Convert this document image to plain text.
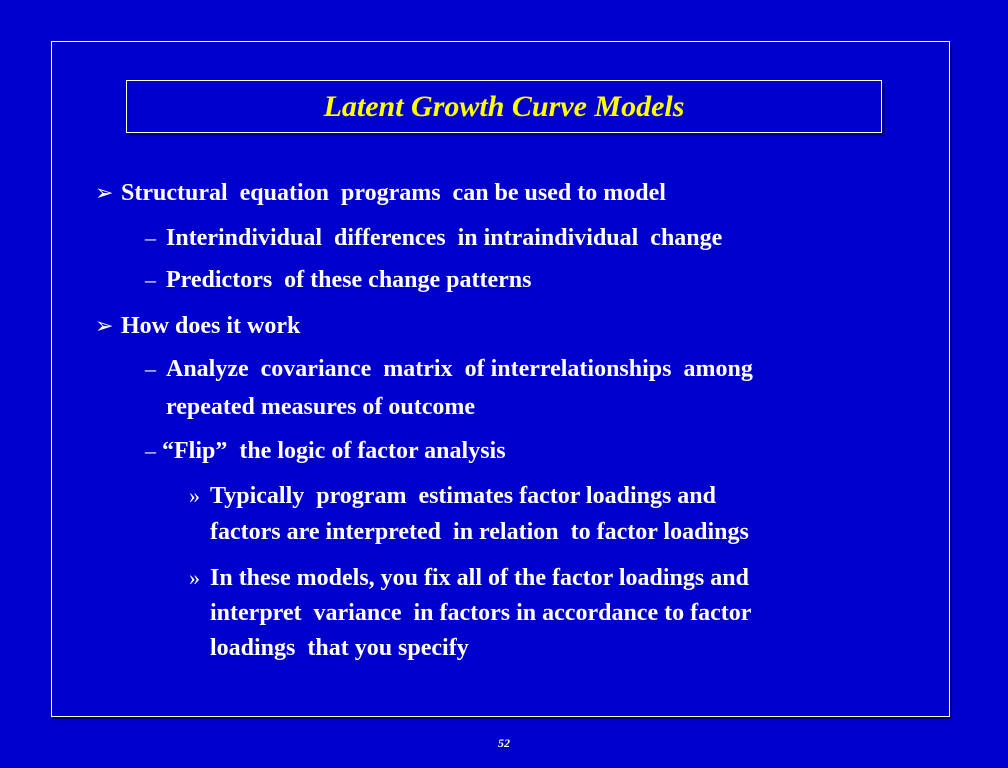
Latent Growth Curve Models
➢ Structural  equation  programs  can be used to model
– Interindividual  differences  in intraindividual  change
– Predictors  of these change patterns
➢ How does it work
– Analyze  covariance  matrix  of interrelationships  among
repeated measures of outcome
– “Flip”  the logic of factor analysis
» Typically  program  estimates factor loadings and
factors are interpreted  in relation  to factor loadings
» In these models, you fix all of the factor loadings and
interpret  variance  in factors in accordance to factor
loadings  that you specify
52
